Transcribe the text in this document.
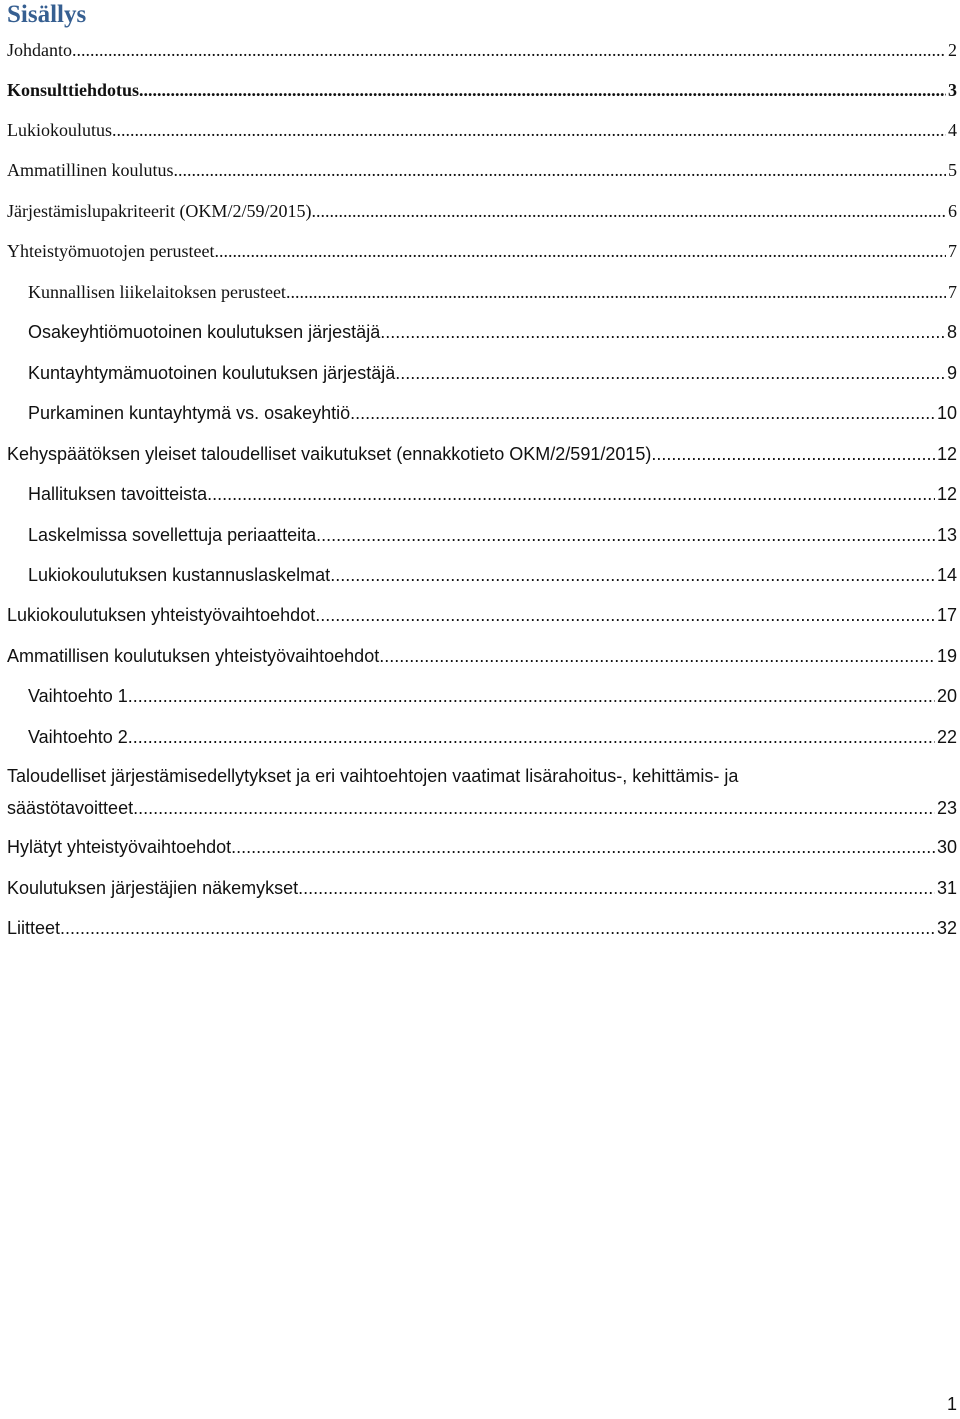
Sisällys
Johdanto .....	2
Konsulttiehdotus .....	3
Lukiokoulutus .....	4
Ammatillinen koulutus .....	5
Järjestämislupakriteerit (OKM/2/59/2015) .....	6
Yhteistyömuotojen perusteet .....	7
Kunnallisen liikelaitoksen perusteet .....	7
Osakeyhtiömuotoinen koulutuksen järjestäjä .....	8
Kuntayhtymämuotoinen koulutuksen järjestäjä .....	9
Purkaminen kuntayhtymä vs. osakeyhtiö .....	10
Kehyspäätöksen yleiset taloudelliset vaikutukset (ennakkotieto OKM/2/591/2015) .....	12
Hallituksen tavoitteista .....	12
Laskelmissa sovellettuja periaatteita .....	13
Lukiokoulutuksen kustannuslaskelmat .....	14
Lukiokoulutuksen yhteistyövaihtoehdot .....	17
Ammatillisen koulutuksen yhteistyövaihtoehdot .....	19
Vaihtoehto 1 .....	20
Vaihtoehto 2 .....	22
Taloudelliset järjestämisedellytykset ja eri vaihtoehtojen vaatimat lisärahoitus-, kehittämis- ja
säästötavoitteet .....	23
Hylätyt yhteistyövaihtoehdot .....	30
Koulutuksen järjestäjien näkemykset .....	31
Liitteet .....	32
1
